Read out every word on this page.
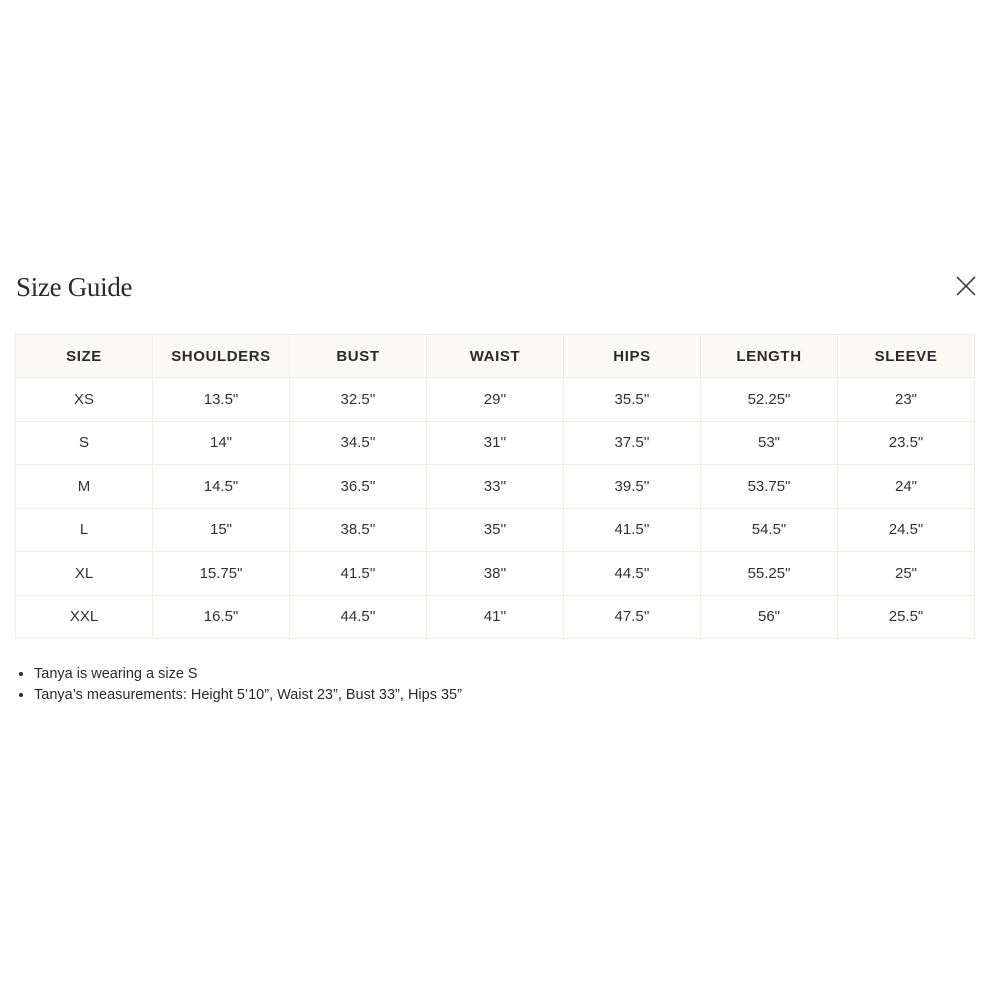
Size Guide
SIZE	SHOULDERS	BUST	WAIST	HIPS	LENGTH	SLEEVE
XS	13.5"	32.5''	29''	35.5''	52.25"	23"
S	14"	34.5''	31''	37.5''	53"	23.5"
M	14.5"	36.5''	33''	39.5''	53.75"	24"
L	15"	38.5''	35''	41.5''	54.5"	24.5"
XL	15.75"	41.5''	38''	44.5''	55.25"	25"
XXL	16.5"	44.5''	41''	47.5''	56"	25.5"
• Tanya is wearing a size S
• Tanya’s measurements: Height 5’10”, Waist 23”, Bust 33”, Hips 35”
